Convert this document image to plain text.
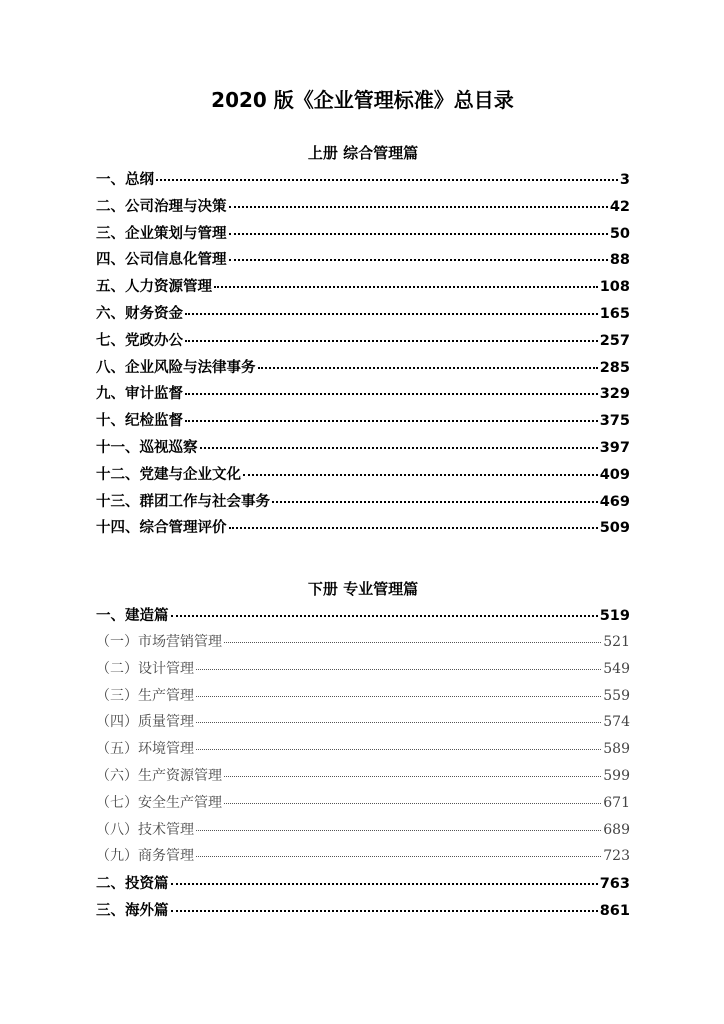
2020 版《企业管理标准》总目录
上册 综合管理篇
一、总纲	3
二、公司治理与决策	42
三、企业策划与管理	50
四、公司信息化管理	88
五、人力资源管理	108
六、财务资金	165
七、党政办公	257
八、企业风险与法律事务	285
九、审计监督	329
十、纪检监督	375
十一、巡视巡察	397
十二、党建与企业文化	409
十三、群团工作与社会事务	469
十四、综合管理评价	509
下册 专业管理篇
一、建造篇	519
（一）市场营销管理	521
（二）设计管理	549
（三）生产管理	559
（四）质量管理	574
（五）环境管理	589
（六）生产资源管理	599
（七）安全生产管理	671
（八）技术管理	689
（九）商务管理	723
二、投资篇	763
三、海外篇	861
